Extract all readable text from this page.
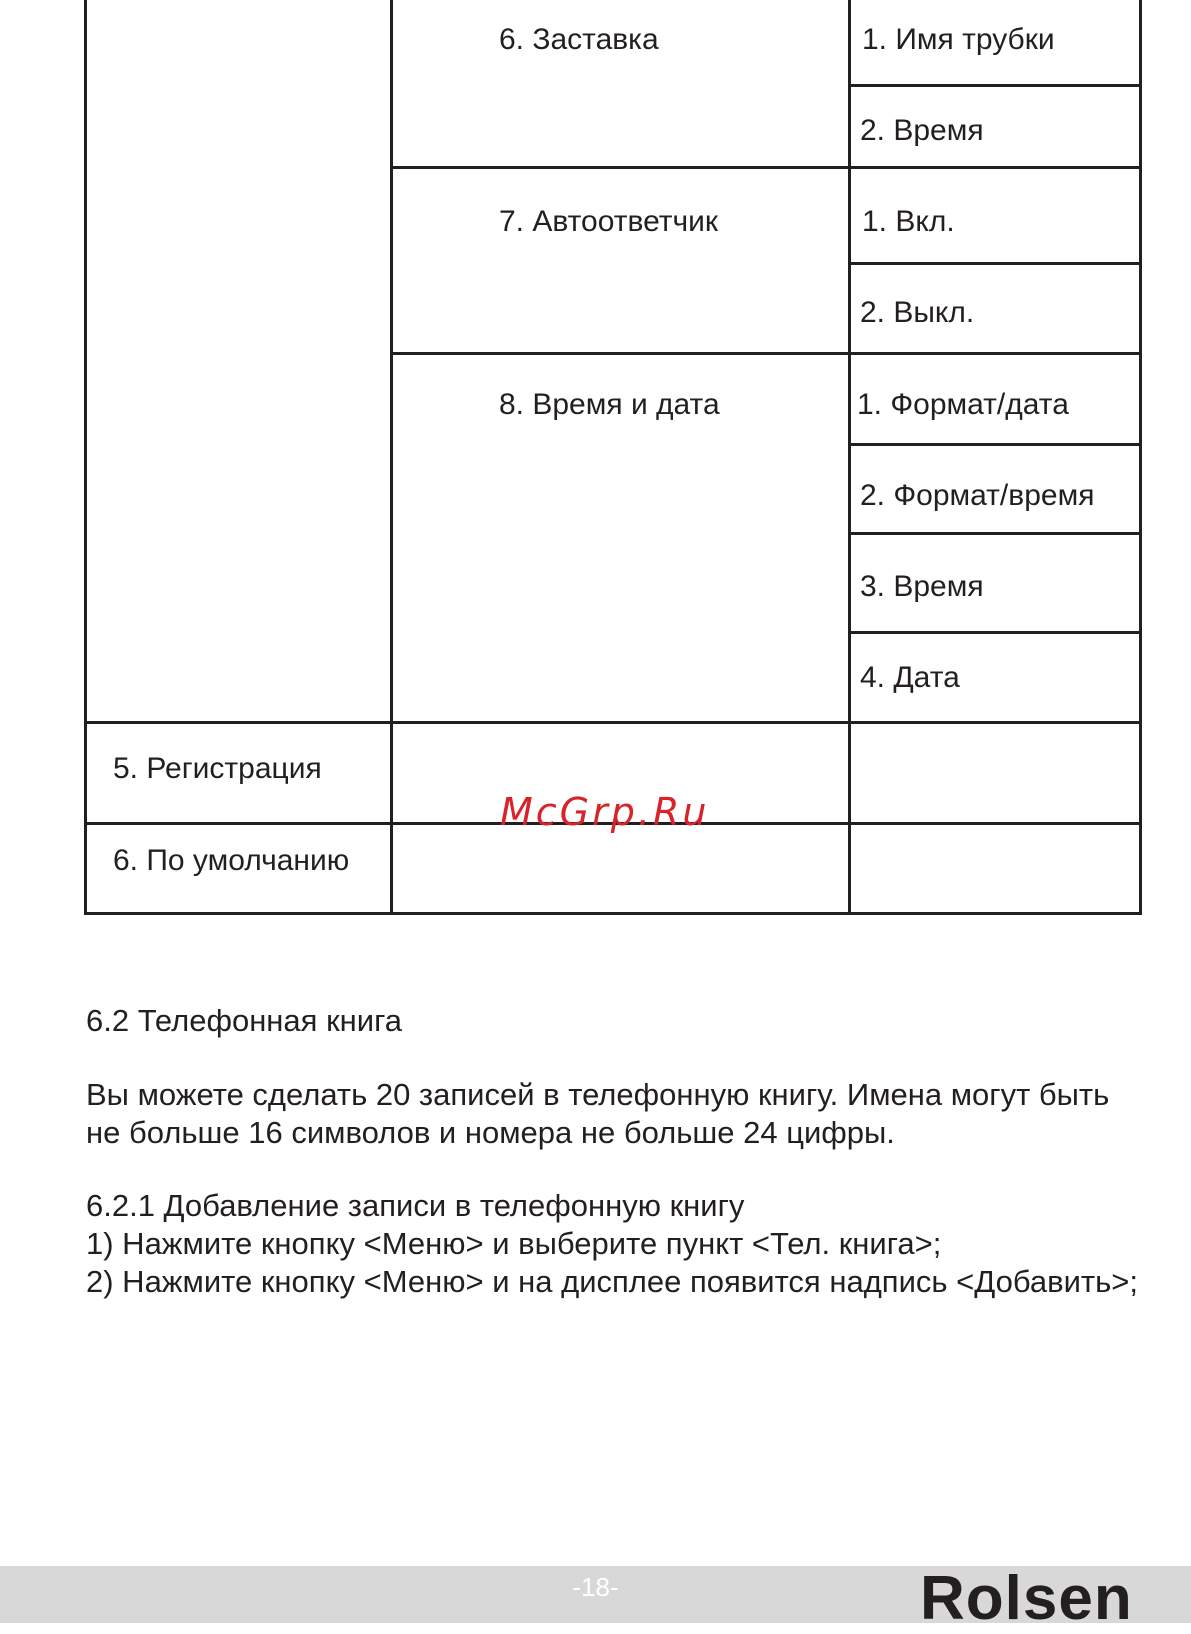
6. Заставка
7. Автоответчик
8. Время и дата
1. Имя трубки
2. Время
1. Вкл.
2. Выкл.
1. Формат/дата
2. Формат/время
3. Время
4. Дата
5. Регистрация
6. По умолчанию
McGrp.Ru
6.2 Телефонная книга
Вы можете сделать 20 записей в телефонную книгу. Имена могут быть
не больше 16 символов и номера не больше 24 цифры.
6.2.1 Добавление записи в телефонную книгу
1) Нажмите кнопку <Меню> и выберите пункт <Тел. книга>;
2) Нажмите кнопку <Меню> и на дисплее появится надпись <Добавить>;
-18-	Rolsen
